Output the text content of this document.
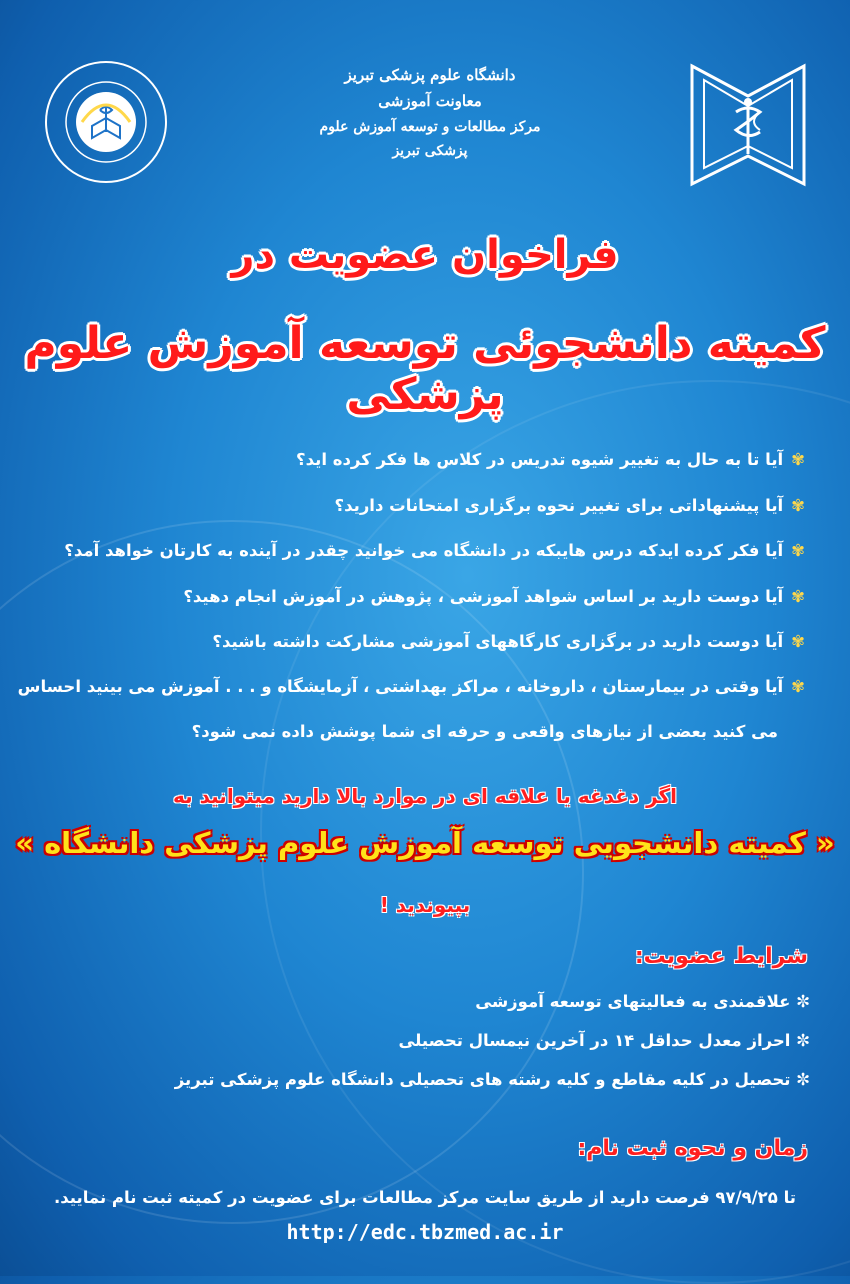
دانشگاه علوم پزشکی تبریز
معاونت آموزشی
مرکز مطالعات و توسعه آموزش علوم پزشکی تبریز
فراخوان عضویت در
کمیته دانشجوئی توسعه آموزش علوم پزشکی
✾آیا تا به حال به تغییر شیوه تدریس در کلاس ها فکر کرده اید؟
✾آیا پیشنهاداتی برای تغییر نحوه برگزاری امتحانات دارید؟
✾آیا فکر کرده ایدکه درس هایبکه در دانشگاه می خوانید چقدر در آینده به کارتان خواهد آمد؟
✾آیا دوست دارید بر اساس شواهد آموزشی ، پژوهش در آموزش انجام دهید؟
✾آیا دوست دارید در برگزاری کارگاههای آموزشی مشارکت داشته باشید؟
✾آیا وقتی در بیمارستان ، داروخانه ، مراکز بهداشتی ، آزمایشگاه و . . . آموزش می بینید احساس
می کنید بعضی از نیازهای واقعی و حرفه ای شما پوشش داده نمی شود؟
اگر دغدغه یا علاقه ای در موارد بالا دارید میتوانید به
« کمیته دانشجویی توسعه آموزش علوم پزشکی دانشگاه »
بپیوندید !
شرایط عضویت:
✼ علاقمندی به فعالیتهای توسعه آموزشی
✼ احراز معدل حداقل ۱۴ در آخرین نیمسال تحصیلی
✼ تحصیل در کلیه مقاطع و کلیه رشته های تحصیلی دانشگاه علوم پزشکی تبریز
زمان و نحوه ثبت نام:
تا ۹۷/۹/۲۵ فرصت دارید از طریق سایت مرکز مطالعات برای عضویت در کمیته ثبت نام نمایید.
http://edc.tbzmed.ac.ir
